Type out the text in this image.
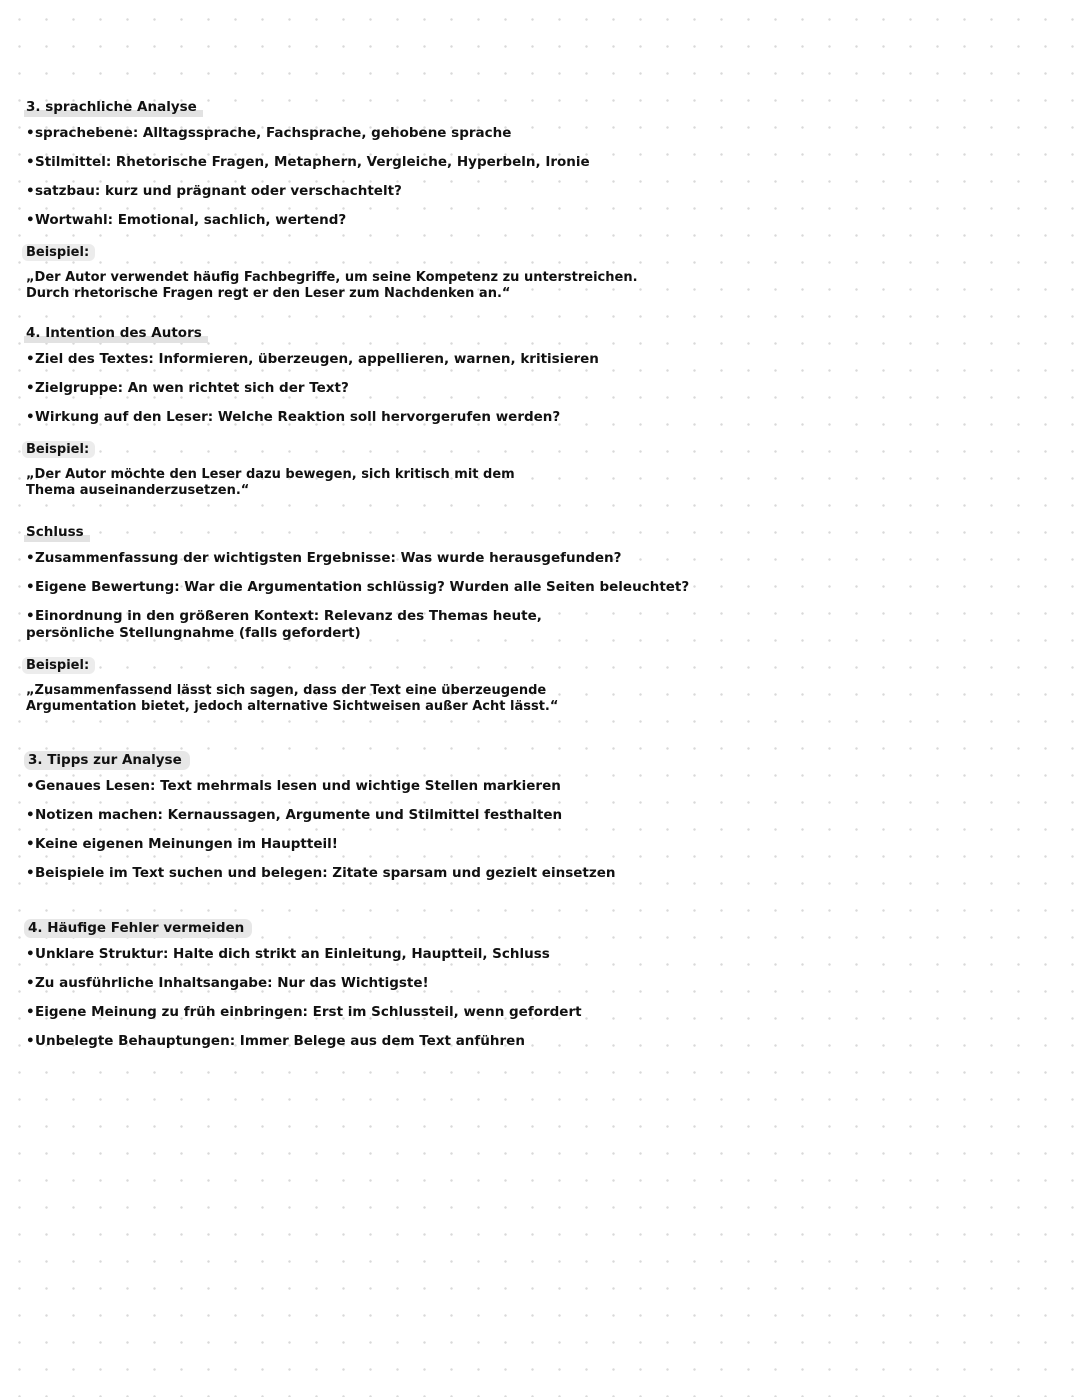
3. sprachliche Analyse
•sprachebene: Alltagssprache, Fachsprache, gehobene sprache
•Stilmittel: Rhetorische Fragen, Metaphern, Vergleiche, Hyperbeln, Ironie
•satzbau: kurz und prägnant oder verschachtelt?
•Wortwahl: Emotional, sachlich, wertend?
Beispiel:
„Der Autor verwendet häufig Fachbegriffe, um seine Kompetenz zu unterstreichen. Durch rhetorische Fragen regt er den Leser zum Nachdenken an.“
4. Intention des Autors
•Ziel des Textes: Informieren, überzeugen, appellieren, warnen, kritisieren
•Zielgruppe: An wen richtet sich der Text?
•Wirkung auf den Leser: Welche Reaktion soll hervorgerufen werden?
Beispiel:
„Der Autor möchte den Leser dazu bewegen, sich kritisch mit dem Thema auseinanderzusetzen.“
Schluss
•Zusammenfassung der wichtigsten Ergebnisse: Was wurde herausgefunden?
•Eigene Bewertung: War die Argumentation schlüssig? Wurden alle Seiten beleuchtet?
•Einordnung in den größeren Kontext: Relevanz des Themas heute, persönliche Stellungnahme (falls gefordert)
Beispiel:
„Zusammenfassend lässt sich sagen, dass der Text eine überzeugende Argumentation bietet, jedoch alternative Sichtweisen außer Acht lässt.“
3. Tipps zur Analyse
•Genaues Lesen: Text mehrmals lesen und wichtige Stellen markieren
•Notizen machen: Kernaussagen, Argumente und Stilmittel festhalten
•Keine eigenen Meinungen im Hauptteil!
•Beispiele im Text suchen und belegen: Zitate sparsam und gezielt einsetzen
4. Häufige Fehler vermeiden
•Unklare Struktur: Halte dich strikt an Einleitung, Hauptteil, Schluss
•Zu ausführliche Inhaltsangabe: Nur das Wichtigste!
•Eigene Meinung zu früh einbringen: Erst im Schlussteil, wenn gefordert
•Unbelegte Behauptungen: Immer Belege aus dem Text anführen
